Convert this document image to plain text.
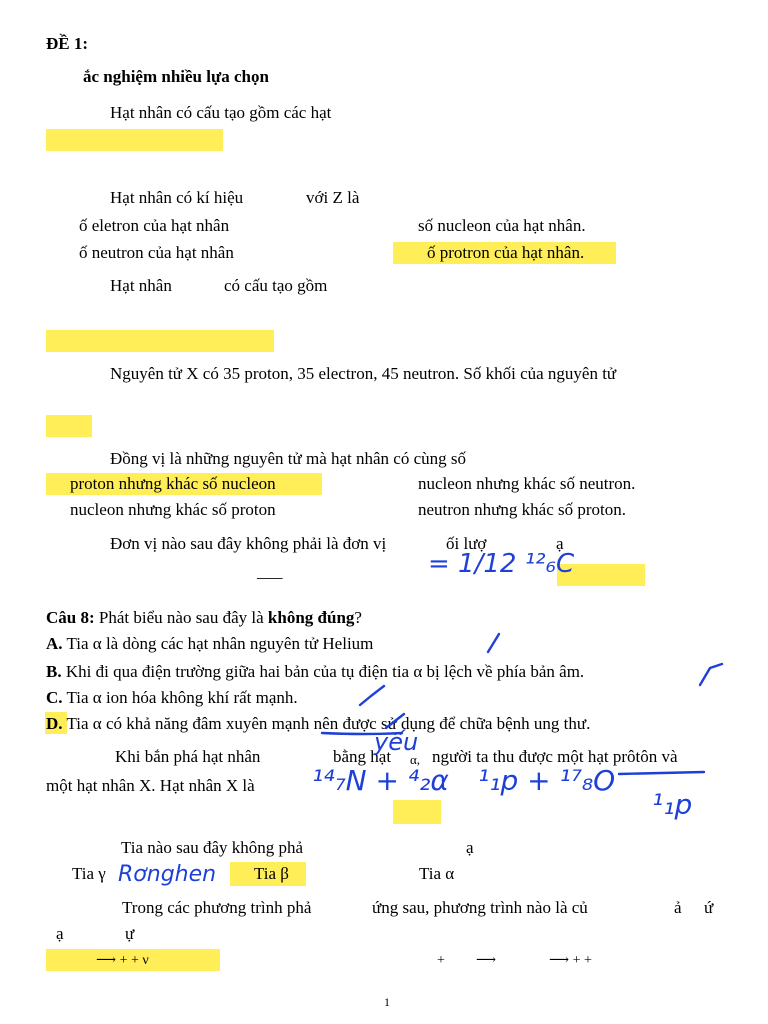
ĐỀ 1:
ắc nghiệm nhiều lựa chọn
Hạt nhân có cấu tạo gồm các hạt
Hạt nhân có kí hiệu	với Z là
ố eletron của hạt nhân	số nucleon của hạt nhân.
ố neutron của hạt nhân	ố protron của hạt nhân.
Hạt nhân	có cấu tạo gồm
Nguyên tử X có 35 proton, 35 electron, 45 neutron. Số khối của nguyên tử
Đồng vị là những nguyên tử mà hạt nhân có cùng số
proton nhưng khác số nucleon	nucleon nhưng khác số neutron.
nucleon nhưng khác số proton	neutron nhưng khác số proton.
Đơn vị nào sau đây không phải là đơn vị	ối lượ	ạ
___
Câu 8: Phát biểu nào sau đây là không đúng?
A. Tia α là dòng các hạt nhân nguyên tử Helium
B. Khi đi qua điện trường giữa hai bản của tụ điện tia α bị lệch về phía bản âm.
C. Tia α ion hóa không khí rất mạnh.
D. Tia α có khả năng đâm xuyên mạnh nên được sử dụng để chữa bệnh ung thư.
Khi bắn phá hạt nhân	bằng hạt α, người ta thu được một hạt prôtôn và
một hạt nhân X. Hạt nhân X là
Tia nào sau đây không phả	ạ
Tia γ	Tia β	Tia α
Trong các phương trình phả	ứng sau, phương trình nào là củ	ả ứ
ạ	ự
⟶ + + ν	+ ⟶	⟶ + +
1
= 1/12 ¹²₆C
yếu
¹⁴₇N + ⁴₂α ¹₁p + ¹⁷₈O
¹₁p
Rơnghen
